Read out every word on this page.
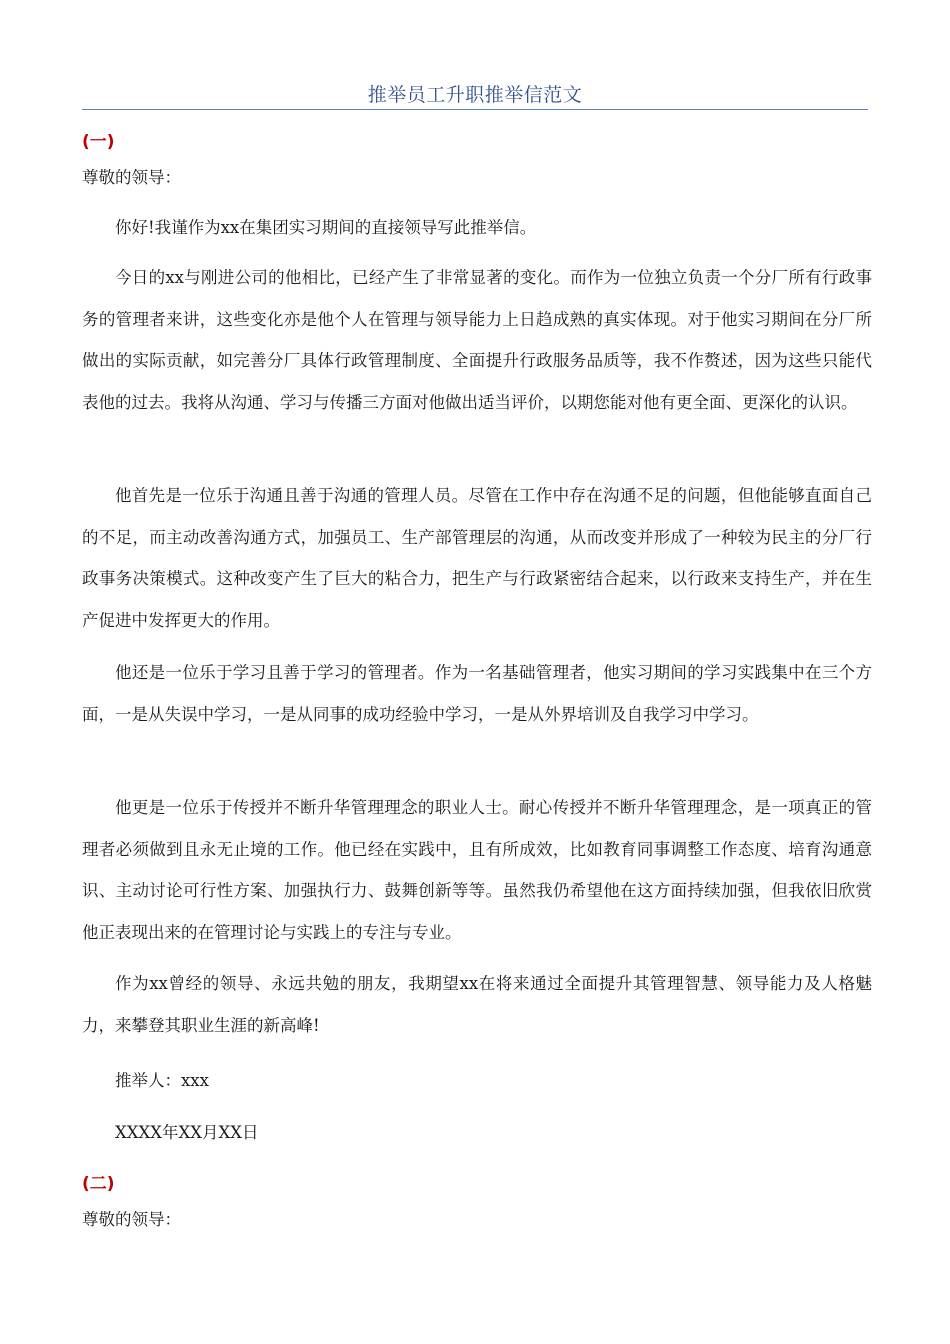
推举员工升职推举信范文
(一)
尊敬的领导：

你好!我谨作为xx在集团实习期间的直接领导写此推举信。

今日的xx与刚进公司的他相比，已经产生了非常显著的变化。而作为一位独立负责一个分厂所有行政事务的管理者来讲，这些变化亦是他个人在管理与领导能力上日趋成熟的真实体现。对于他实习期间在分厂所做出的实际贡献，如完善分厂具体行政管理制度、全面提升行政服务品质等，我不作赘述，因为这些只能代表他的过去。我将从沟通、学习与传播三方面对他做出适当评价，以期您能对他有更全面、更深化的认识。

他首先是一位乐于沟通且善于沟通的管理人员。尽管在工作中存在沟通不足的问题，但他能够直面自己的不足，而主动改善沟通方式，加强员工、生产部管理层的沟通，从而改变并形成了一种较为民主的分厂行政事务决策模式。这种改变产生了巨大的粘合力，把生产与行政紧密结合起来，以行政来支持生产，并在生产促进中发挥更大的作用。

他还是一位乐于学习且善于学习的管理者。作为一名基础管理者，他实习期间的学习实践集中在三个方面，一是从失误中学习，一是从同事的成功经验中学习，一是从外界培训及自我学习中学习。

他更是一位乐于传授并不断升华管理理念的职业人士。耐心传授并不断升华管理理念，是一项真正的管理者必须做到且永无止境的工作。他已经在实践中，且有所成效，比如教育同事调整工作态度、培育沟通意识、主动讨论可行性方案、加强执行力、鼓舞创新等等。虽然我仍希望他在这方面持续加强，但我依旧欣赏他正表现出来的在管理讨论与实践上的专注与专业。

作为xx曾经的领导、永远共勉的朋友，我期望xx在将来通过全面提升其管理智慧、领导能力及人格魅力，来攀登其职业生涯的新高峰!

推举人：xxx
XXXX年XX月XX日
(二)
尊敬的领导：
